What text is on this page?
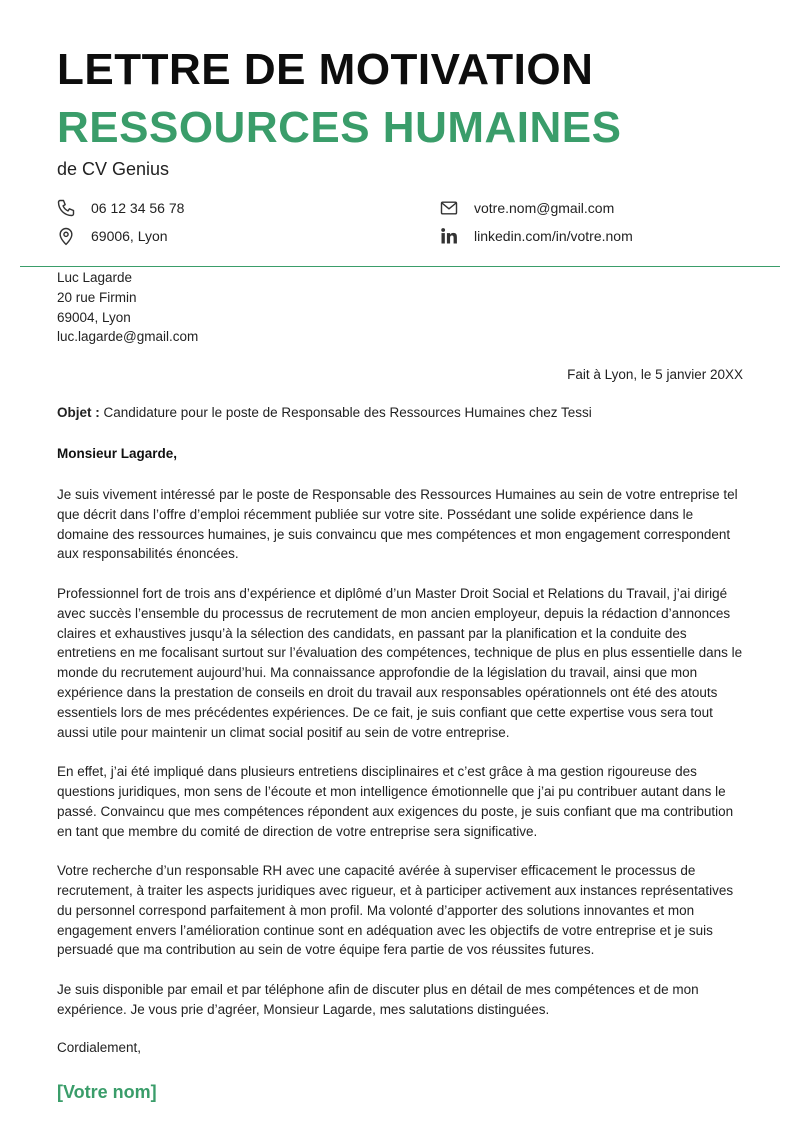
LETTRE DE MOTIVATION
RESSOURCES HUMAINES
de CV Genius
06 12 34 56 78
69006, Lyon
votre.nom@gmail.com
linkedin.com/in/votre.nom
Luc Lagarde
20 rue Firmin
69004, Lyon
luc.lagarde@gmail.com
Fait à Lyon, le 5 janvier 20XX
Objet : Candidature pour le poste de Responsable des Ressources Humaines chez Tessi
Monsieur Lagarde,

Je suis vivement intéressé par le poste de Responsable des Ressources Humaines au sein de votre entreprise tel que décrit dans l’offre d’emploi récemment publiée sur votre site. Possédant une solide expérience dans le domaine des ressources humaines, je suis convaincu que mes compétences et mon engagement correspondent aux responsabilités énoncées.

Professionnel fort de trois ans d’expérience et diplômé d’un Master Droit Social et Relations du Travail, j’ai dirigé avec succès l’ensemble du processus de recrutement de mon ancien employeur, depuis la rédaction d’annonces claires et exhaustives jusqu’à la sélection des candidats, en passant par la planification et la conduite des entretiens en me focalisant surtout sur l’évaluation des compétences, technique de plus en plus essentielle dans le monde du recrutement aujourd’hui. Ma connaissance approfondie de la législation du travail, ainsi que mon expérience dans la prestation de conseils en droit du travail aux responsables opérationnels ont été des atouts essentiels lors de mes précédentes expériences. De ce fait, je suis confiant que cette expertise vous sera tout aussi utile pour maintenir un climat social positif au sein de votre entreprise.

En effet, j’ai été impliqué dans plusieurs entretiens disciplinaires et c’est grâce à ma gestion rigoureuse des questions juridiques, mon sens de l’écoute et mon intelligence émotionnelle que j’ai pu contribuer autant dans le passé. Convaincu que mes compétences répondent aux exigences du poste, je suis confiant que ma contribution en tant que membre du comité de direction de votre entreprise sera significative.

Votre recherche d’un responsable RH avec une capacité avérée à superviser efficacement le processus de recrutement, à traiter les aspects juridiques avec rigueur, et à participer activement aux instances représentatives du personnel correspond parfaitement à mon profil. Ma volonté d’apporter des solutions innovantes et mon engagement envers l’amélioration continue sont en adéquation avec les objectifs de votre entreprise et je suis persuadé que ma contribution au sein de votre équipe fera partie de vos réussites futures.

Je suis disponible par email et par téléphone afin de discuter plus en détail de mes compétences et de mon expérience. Je vous prie d’agréer, Monsieur Lagarde, mes salutations distinguées.

Cordialement,
[Votre nom]
